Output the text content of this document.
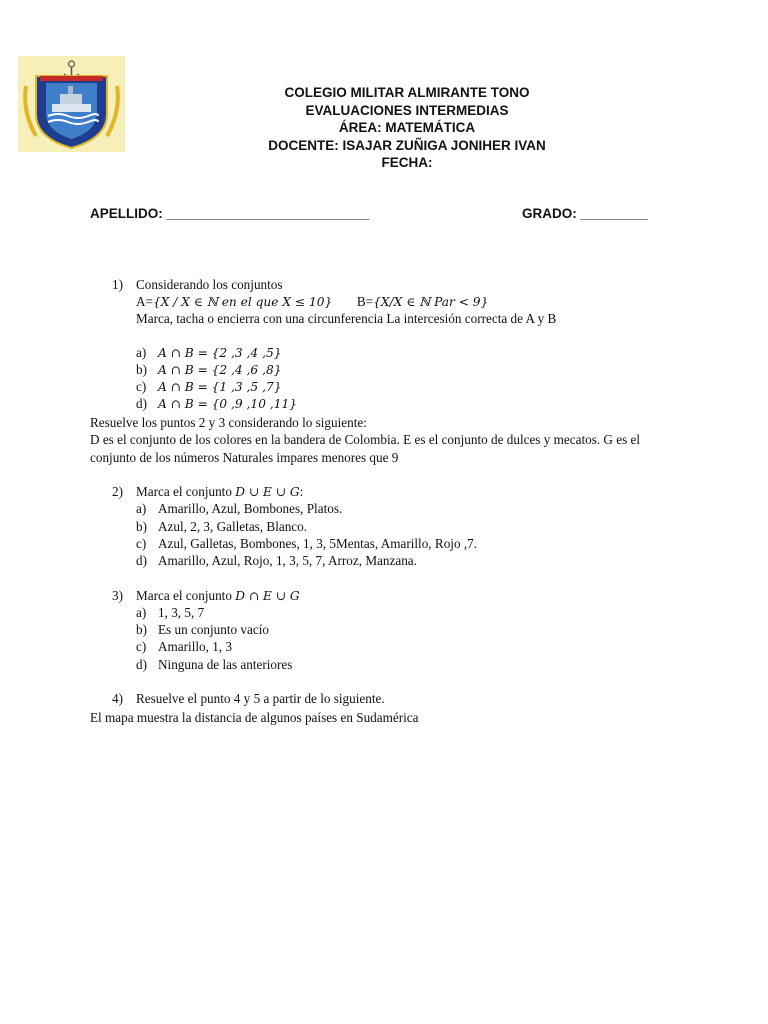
COLEGIO MILITAR ALMIRANTE TONO
EVALUACIONES INTERMEDIAS
ÁREA: MATEMÁTICA
DOCENTE: ISAJAR ZUÑIGA JONIHER IVAN
FECHA:
APELLIDO: ___________________________	GRADO: _________
1) Considerando los conjuntos
A={X / X ∈ ℕ en el que X ≤ 10} B={X/X ∈ ℕ Par < 9}
Marca, tacha o encierra con una circunferencia La intercesión correcta de A y B
a) A ∩ B = {2 ,3 ,4 ,5}
b) A ∩ B = {2 ,4 ,6 ,8}
c) A ∩ B = {1 ,3 ,5 ,7}
d) A ∩ B = {0 ,9 ,10 ,11}
Resuelve los puntos 2 y 3 considerando lo siguiente:
D es el conjunto de los colores en la bandera de Colombia. E es el conjunto de dulces y mecatos. G es el
conjunto de los números Naturales impares menores que 9
2) Marca el conjunto D ∪ E ∪ G:
a) Amarillo, Azul, Bombones, Platos.
b) Azul, 2, 3, Galletas, Blanco.
c) Azul, Galletas, Bombones, 1, 3, 5Mentas, Amarillo, Rojo ,7.
d) Amarillo, Azul, Rojo, 1, 3, 5, 7, Arroz, Manzana.
3) Marca el conjunto D ∩ E ∪ G
a) 1, 3, 5, 7
b) Es un conjunto vacío
c) Amarillo, 1, 3
d) Ninguna de las anteriores
4) Resuelve el punto 4 y 5 a partir de lo siguiente.
El mapa muestra la distancia de algunos países en Sudamérica
